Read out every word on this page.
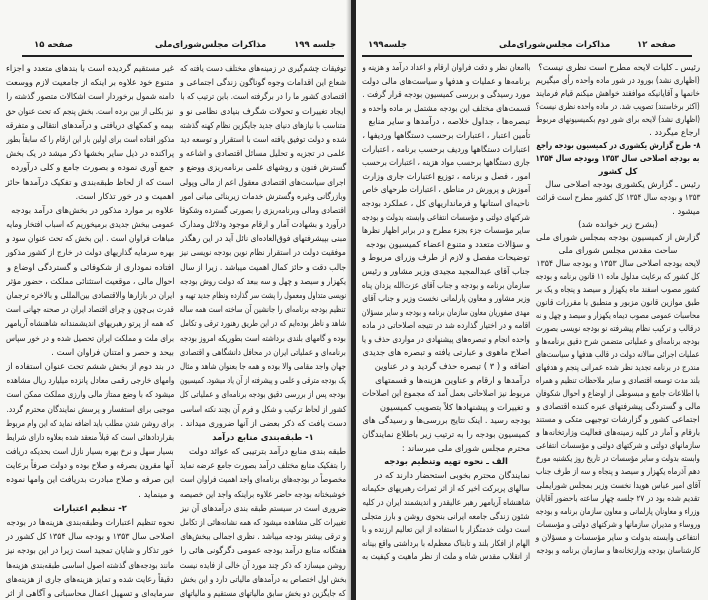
صفحه ۱۵	مذاکرات مجلس‌شورای‌ملی	جلسه ۱۹۹
توفیقات چشم‌گیری در زمینه‌های مختلف دست یافته که
شعاع این اقدامات وجوه گوناگون زندگی اجتماعی و
اقتصادی کشور ما را در برگرفته است. بابن ترتیب که با
ایجاد تغییرات و تحولات شگرف بنیادی نظامی نو و
متناسب با نیازهای دنیای جدید جایگزین نظام کهنه گذشته
شده و دولت توفیق یافته است با استقرار و توسعه دید
علمی در تجزیه و تحلیل مسائل اقتصادی و اشاعه و
گسترش فنون و روشهای علمی برنامه‌ریزی ووضع و
اجرای سیاست‌های اقتصادی معقول اعم از مالی وپولی
وبازرگانی وغیره وگسترش خدمات زیربنائی مبانی امور
اقتصادی ومالی وبرنامه‌ریزی را بصورتی گسترده وشکوفا
درآورد و بشهادت آمار و ارقام موجود ودلائل ومدارک
مبنی بپیشرفتهای فوق‌العاده‌ای نائل آید در این رهگذر
موفقیت دولت در استقرار نظام نوین بودجه نویسی نیز
جالب دقت و حائز کمال اهمیت میباشد . زیرا از سال
یکهزار و سیصد و چهل و سه ببعد که دولت روش بودجه
نویسی متداول ومعمول را پشت سر گذارده ونظام جدید تهیه و
تنظیم بودجه برنامه‌ای را جانشین آن ساخته است همه ساله
شاهد و ناظر بوده‌ایم که در این طریق رهنورد ترقی و تکامل
بوده و گامهای بلندی برداشته است بطوریکه امروز بودجه
برنامه‌ای و عملیاتی ایران در محافل دانشگاهی و اقتصادی
جهان واجد مقامی والا بوده و همه جا بعنوان شاهد و مثال
یک بودجه مترقی و علمی و پیشرفته از آن یاد میشود. کمیسیون
بودجه پس از بررسی دقیق بودجه برنامه‌ای و عملیاتی کل
کشور از لحاظ ترکیب و شکل و فرم آن بچند نکته اساسی
دست یافت که ذکر بعضی از آنها ضروری میداند .
۱- طبقه‌بندی منابع درآمد
طبقه بندی منابع درآمد بترتیبی که عوائد دولت
را بتفکیک منابع مختلف درآمد بصورت جامع عرضه نماید
مخصوصاً در بودجه‌های برنامه‌ای واجد اهمیت فراوان است
خوشبختانه بودجه حاضر علاوه براینکه واجد این خصیصه
ضروری است در سیستم طبقه بندی درآمدهای آن نیز
تغییرات کلی مشاهده میشود که همه نشانه‌هائی از تکامل
و ترقی بیشتر بودجه میباشد . نظری اجمالی ببخش‌های
هفتگانه منابع درآمد بودجه عمومی دگرگونی هائی را
روشن میسازد که ذکر چند مورد آن خالی از فایده نیست
بخش اول اختصاص به درآمدهای مالیاتی دارد و این بخش
که جایگزین دو بخش سابق مالیاتهای مستقیم و مالیاتهای
غیر مستقیم گردیده است با بندهای متعدد و اجزاء
متنوع خود علاوه بر اینکه از جامعیت لازم ووسعت
دامنه شمول برخوردار است اشکالات متصور گذشته را
نیز بکلی از بین برده است. بخش پنجم که تحت عنوان حق
بیمه و کمکهای دریافتی و درآمدهای انتقالی و متفرقه
مذکور افتاده است برای اولین بار این ارقام را که سابقاً بطور
پراکنده در ذیل سایر بخشها ذکر میشد در یک بخش
جمع آوری نموده و بصورت جامع و کلی درآورده
است که از لحاظ طبقه‌بندی و تفکیک درآمدها حائز
اهمیت و در خور تذکار است.
علاوه بر موارد مذکور در بخش‌های درآمد بودجه
عمومی ببخش جدیدی برمیخوریم که اسباب افتخار ومایه
مباهات فراوان است . این بخش که تحت عنوان سود و
بهره سرمایه گذاریهای دولت در خارج از کشور مذکور
افتاده نموداری از شکوفائی و گستردگی اوضاع و
احوال مالی ، موقعیت استثنائی مملکت ، حضور مؤثر
ایران در بازارها والاقتصادی بین‌المللی و بالاخره ترجمان
قدرت بی‌چون و چرای اقتصاد ایران در صحنه جهانی است
که همه از پرتو رهبریهای اندیشمندانه شاهنشاه آریامهر
برای ملت و مملکت ایران تحصیل شده و در خور سپاس
بیحد و حصر و امتنان فراوان است .
در بند دوم از بخش ششم تحت عنوان استفاده از
وامهای خارجی رقمی معادل پانزده میلیارد ریال مشاهده
میشود که با وضع ممتاز مالی وارزی مملکت ممکن است
موجبی برای استفسار و پرسش نمایندگان محترم گردد.
برای روشن شدن مطلب باید اضافه نماید که این وام مربوط
بقراردادهائی است که قبلاً منعقد شده بعلاوه دارای شرایط
بسیار سهل و نرخ بهره بسیار نازل است بحدیکه دریافت
آنها مقرون بصرفه و صلاح بوده و دولت صرفاً برعایت
این صرفه و صلاح مبادرت بدریافت این وامها نموده
و مینماید .
۲- تنظیم اعتبارات
نحوه تنظیم اعتبارات وطبقه‌بندی هزینه‌ها در بودجه
اصلاحی سال ۱۳۵۳ و بودجه سال ۱۳۵۴ کل کشور در
خور تذکار و شایان تمجید است زیرا در این بودجه نیز
مانند بودجه‌های گذشته اصول اساسی طبقه‌بندی هزینه‌ها
دقیقاً رعایت شده و تمایز هزینه‌های جاری از هزینه‌های
سرمایه‌ای و تسهیل اعمال محاسباتی و آگاهی از اثر
جلسه۱۹۹	مذاکرات مجلس‌شورای‌ملی	صفحه ۱۲
رئیس ـ کلیات لایحه مطرح است نظری نیست؟
(اظهاری نشد) بورود در شور ماده واحده رأی میگیریم
خانمها و آقایانیکه موافقند خواهش میکنم قیام فرمایند
(اکثر برخاستند) تصویب شد. در ماده واحده نظری نیست؟
(اظهاری نشد) لایحه برای شور دوم بکمیسیونهای مربوط
ارجاع میگردد .
۸- طرح گزارش یکشوری در کمیسیون بودجه راجع
به بودجه اصلاحی سال ۱۳۵۳ وبودجه سال ۱۳۵۴
کل کشور
رئیس ـ گزارش یکشوری بودجه اصلاحی سال
۱۳۵۳ و بودجه سال ۱۳۵۴ کل کشور مطرح است قرائت
میشود .
(بشرح زیر خوانده شد)
گزارش از کمیسیون بودجه بمجلس شورای ملی
ساحت مقدس مجلس شورای ملی
لایحه بودجه اصلاحی سال ۱۳۵۳ و بودجه سال ۱۳۵۴
کل کشور که برعایت مدلول ماده ۱۱ قانون برنامه و بودجه
کشور مصوب اسفند ماه یکهزار و سیصد و پنجاه و یک بر
طبق موازین قانون مزبور و منطبق با مقررات قانون
محاسبات عمومی مصوب دیماه یکهزار و سیصد و چهل و نه
درقالب و ترکیب نظام پیشرفته نو بودجه نویسی بصورت
بودجه برنامه‌ای و عملیاتی متضمن شرح دقیق برنامه‌ها و
عملیات اجرائی سالانه دولت در قالب هدفها و سیاست‌های
مندرج در برنامه تجدید نظر شده عمرانی پنجم و هدفهای
بلند مدت توسعه اقتصادی و سایر ملاحظات تنظیم و همراه
با اطلاعات جامع و مبسوطی از اوضاع و احوال شکوفان
مالی و گستردگی پیشرفتهای عبره کننده اقتصادی و
اجتماعی کشور و گزارشات توجیهی متکی و مستند
بارقام و آمار در کلیه زمینه‌های فعالیت وزارتخانه‌ها و
سازمانهای دولتی و شرکتهای دولتی و مؤسسات انتفاعی
وابسته بدولت و سایر مؤسسات در تاریخ روز یکشنبه مورخ
دهم آذرماه یکهزار و سیصد و پنجاه و سه از طرف جناب
آقای امیر عباس هویدا نخست وزیر بمجلس شورایملی
تقدیم شده بود در ۲۷ جلسه چهار ساعته باحضور آقایان
وزراء و معاونان پارلمانی و معاون سازمان برنامه و بودجه
وروساء و مدیران سازمانها و شرکتهای دولتی و مؤسسات
انتفاعی وابسته بدولت و سایر مؤسسات و مسؤلان و
کارشناسان بودجه وزارتخانه‌ها و سازمان برنامه و بودجه
باامعان نظر و دقت فراوان ارقام و اعداد درآمد و هزینه و
برنامه‌ها و عملیات و هدفها و سیاست‌های مالی دولت
مورد رسیدگی و بررسی کمیسیون بودجه قرار گرفت .
قسمت‌های مختلف این بودجه مشتمل بر ماده واحده و
تبصره‌ها ، جداول خلاصه ، درآمدها و سایر منابع
تأمین اعتبار ، اعتبارات برحسب دستگاهها وردیفها ،
اعتبارات دستگاهها وردیف برحسب برنامه ، اعتبارات
جاری دستگاهها برحسب مواد هزینه ، اعتبارات برحسب
امور ، فصل و برنامه ، توزیع اعتبارات جاری وزارت
آموزش و پرورش در مناطق ، اعتبارات طرحهای خاص
ناحیه‌ای استانها و فرمانداریهای کل ، عملکرد بودجه
شرکتهای دولتی و مؤسسات انتفاعی وابسته بدولت و بودجه
سایر مؤسسات جزء بجزء مطرح و در برابر اظهار نظرها
و سؤالات متعدد و متنوع اعضاء کمیسیون بودجه
توضیحات مفصل و لازم از طرف وزرای مربوط و
جناب آقای عبدالمجید مجیدی وزیر مشاور و رئیس
سازمان برنامه و بودجه و جناب آقای عزت‌الله یزدان پناه
وزیر مشاور و معاون پارلمانی نخست وزیر و جناب آقای
مهدی صفوریان معاون سازمان برنامه و بودجه و سایر مسؤلان
اقامه و در اختیار گذارده شد در نتیجه اصلاحاتی در ماده
واحده انجام و تبصره‌های پیشنهادی در مواردی حذف و یا
اصلاح ماهوی و عبارتی یافته و تبصره های جدیدی
اضافه و ( ۳ ) تبصره حذف گردید و در عناوین
درآمدها و ارقام و عناوین هزینه‌ها و قسمتهای
مربوط نیز اصلاحاتی بعمل آمد که مجموع این اصلاحات
و تغییرات و پیشنهادها کلاً بتصویب کمیسیون
بودجه رسید . اینک نتایج بررسی‌ها و رسیدگی های
کمیسیون بودجه را به ترتیب زیر باطلاع نمایندگان
محترم مجلس شورای ملی میرساند :
الف ـ نحوه تهیه وتنظیم بودجه
نمایندگان محترم بخوبی استحضار دارند که در
سالهای پربرکت اخیر که از اثر ثمرات رهبریهای حکیمانه
شاهنشاه آریامهر رهبر عالیقدر و اندیشمند ایران در کلیه
شئون زندگی جامعه ایرانی بنحوی روشن و بارز متجلی
است دولت خدمتگزار با استفاده از این تعالیم ارزنده و با
الهام از افکار بلند و تابناک معظم‌له با برداشتی واقع بینانه
از انقلاب مقدس شاه و ملت از نظر ماهیت و کیفیت به
